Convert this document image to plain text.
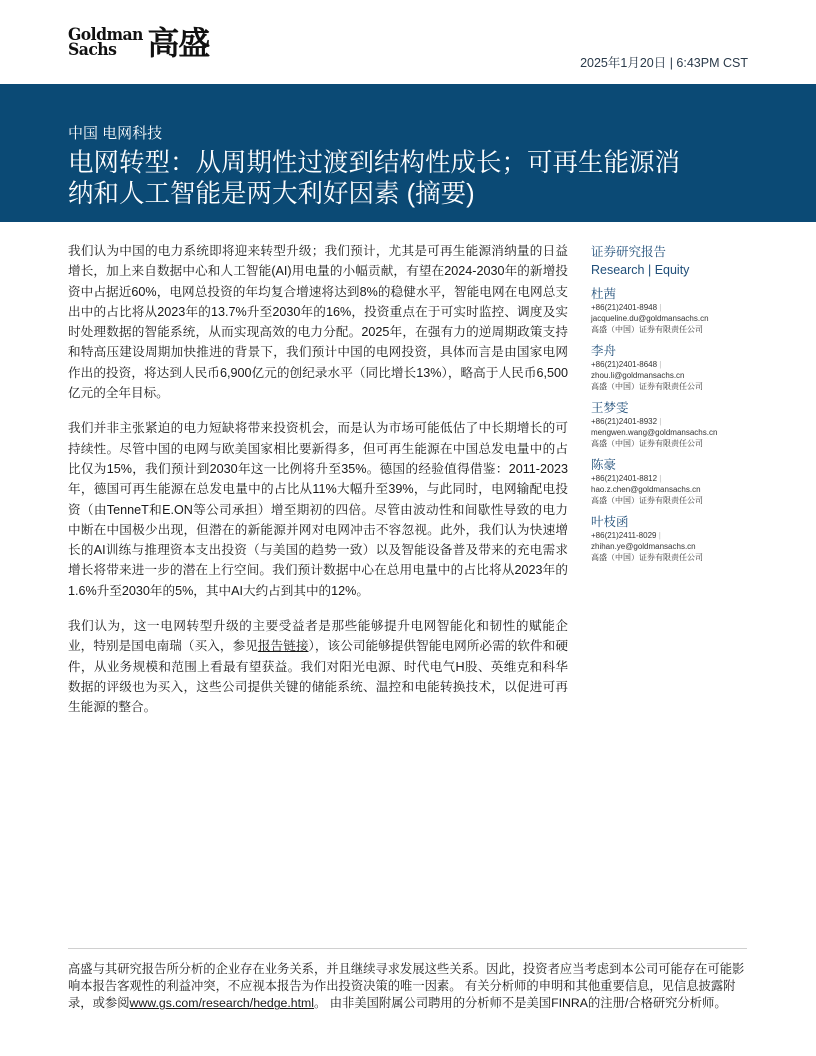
Goldman
Sachs 高盛
2025年1月20日 | 6:43PM CST
中国 电网科技
电网转型：从周期性过渡到结构性成长；可再生能源消纳和人工智能是两大利好因素 (摘要)

我们认为中国的电力系统即将迎来转型升级；我们预计，尤其是可再生能源消纳量的日益增长，加上来自数据中心和人工智能(AI)用电量的小幅贡献，有望在2024-2030年的新增投资中占据近60%，电网总投资的年均复合增速将达到8%的稳健水平，智能电网在电网总支出中的占比将从2023年的13.7%升至2030年的16%，投资重点在于可实时监控、调度及实时处理数据的智能系统，从而实现高效的电力分配。2025年，在强有力的逆周期政策支持和特高压建设周期加快推进的背景下，我们预计中国的电网投资，具体而言是由国家电网作出的投资，将达到人民币6,900亿元的创纪录水平（同比增长13%），略高于人民币6,500亿元的全年目标。

我们并非主张紧迫的电力短缺将带来投资机会，而是认为市场可能低估了中长期增长的可持续性。尽管中国的电网与欧美国家相比要新得多，但可再生能源在中国总发电量中的占比仅为15%，我们预计到2030年这一比例将升至35%。德国的经验值得借鉴：2011-2023年，德国可再生能源在总发电量中的占比从11%大幅升至39%，与此同时，电网输配电投资（由TenneT和E.ON等公司承担）增至期初的四倍。尽管由波动性和间歇性导致的电力中断在中国极少出现，但潜在的新能源并网对电网冲击不容忽视。此外，我们认为快速增长的AI训练与推理资本支出投资（与美国的趋势一致）以及智能设备普及带来的充电需求增长将带来进一步的潜在上行空间。我们预计数据中心在总用电量中的占比将从2023年的1.6%升至2030年的5%，其中AI大约占到其中的12%。

我们认为，这一电网转型升级的主要受益者是那些能够提升电网智能化和韧性的赋能企业，特别是国电南瑞（买入，参见报告链接），该公司能够提供智能电网所必需的软件和硬件，从业务规模和范围上看最有望获益。我们对阳光电源、时代电气H股、英维克和科华数据的评级也为买入，这些公司提供关键的储能系统、温控和电能转换技术，以促进可再生能源的整合。

证券研究报告
Research | Equity
杜茜
+86(21)2401-8948 |
jacqueline.du@goldmansachs.cn
高盛（中国）证券有限责任公司
李舟
+86(21)2401-8648 |
zhou.li@goldmansachs.cn
高盛（中国）证券有限责任公司
王梦雯
+86(21)2401-8932 |
mengwen.wang@goldmansachs.cn
高盛（中国）证券有限责任公司
陈豪
+86(21)2401-8812 |
hao.z.chen@goldmansachs.cn
高盛（中国）证券有限责任公司
叶枝函
+86(21)2411-8029 |
zhihan.ye@goldmansachs.cn
高盛（中国）证券有限责任公司
高盛与其研究报告所分析的企业存在业务关系，并且继续寻求发展这些关系。因此，投资者应当考虑到本公司可能存在可能影响本报告客观性的利益冲突，不应视本报告为作出投资决策的唯一因素。 有关分析师的申明和其他重要信息，见信息披露附录，或参阅www.gs.com/research/hedge.html。 由非美国附属公司聘用的分析师不是美国FINRA的注册/合格研究分析师。
